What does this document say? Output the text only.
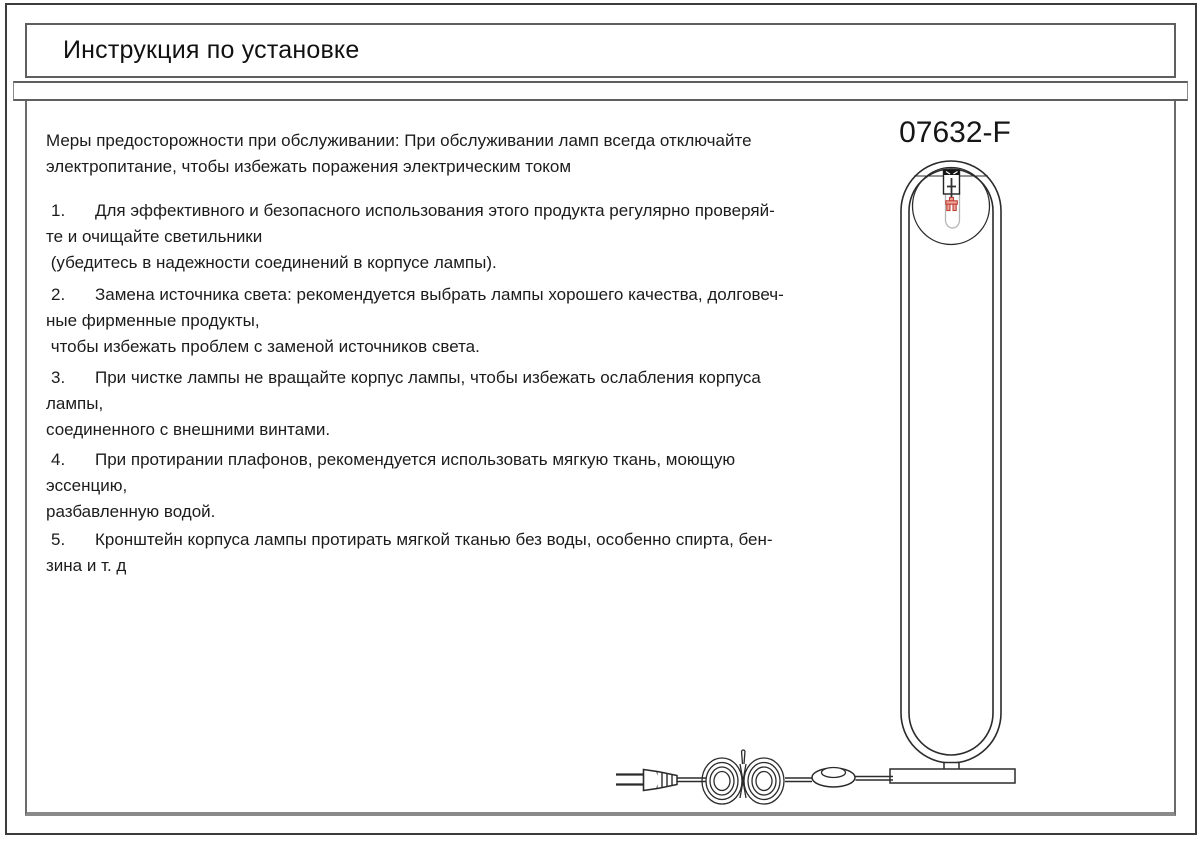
Инструкция по установке
Меры предосторожности при обслуживании: При обслуживании ламп всегда отключайте
электропитание, чтобы избежать поражения электрическим током
1. Для эффективного и безопасного использования этого продукта регулярно проверяй-
те и очищайте светильники
(убедитесь в надежности соединений в корпусе лампы).
2. Замена источника света: рекомендуется выбрать лампы хорошего качества, долговеч-
ные фирменные продукты,
чтобы избежать проблем с заменой источников света.
3. При чистке лампы не вращайте корпус лампы, чтобы избежать ослабления корпуса
лампы,
соединенного с внешними винтами.
4. При протирании плафонов, рекомендуется использовать мягкую ткань, моющую
эссенцию,
разбавленную водой.
5. Кронштейн корпуса лампы протирать мягкой тканью без воды, особенно спирта, бен-
зина и т. д
07632-F
